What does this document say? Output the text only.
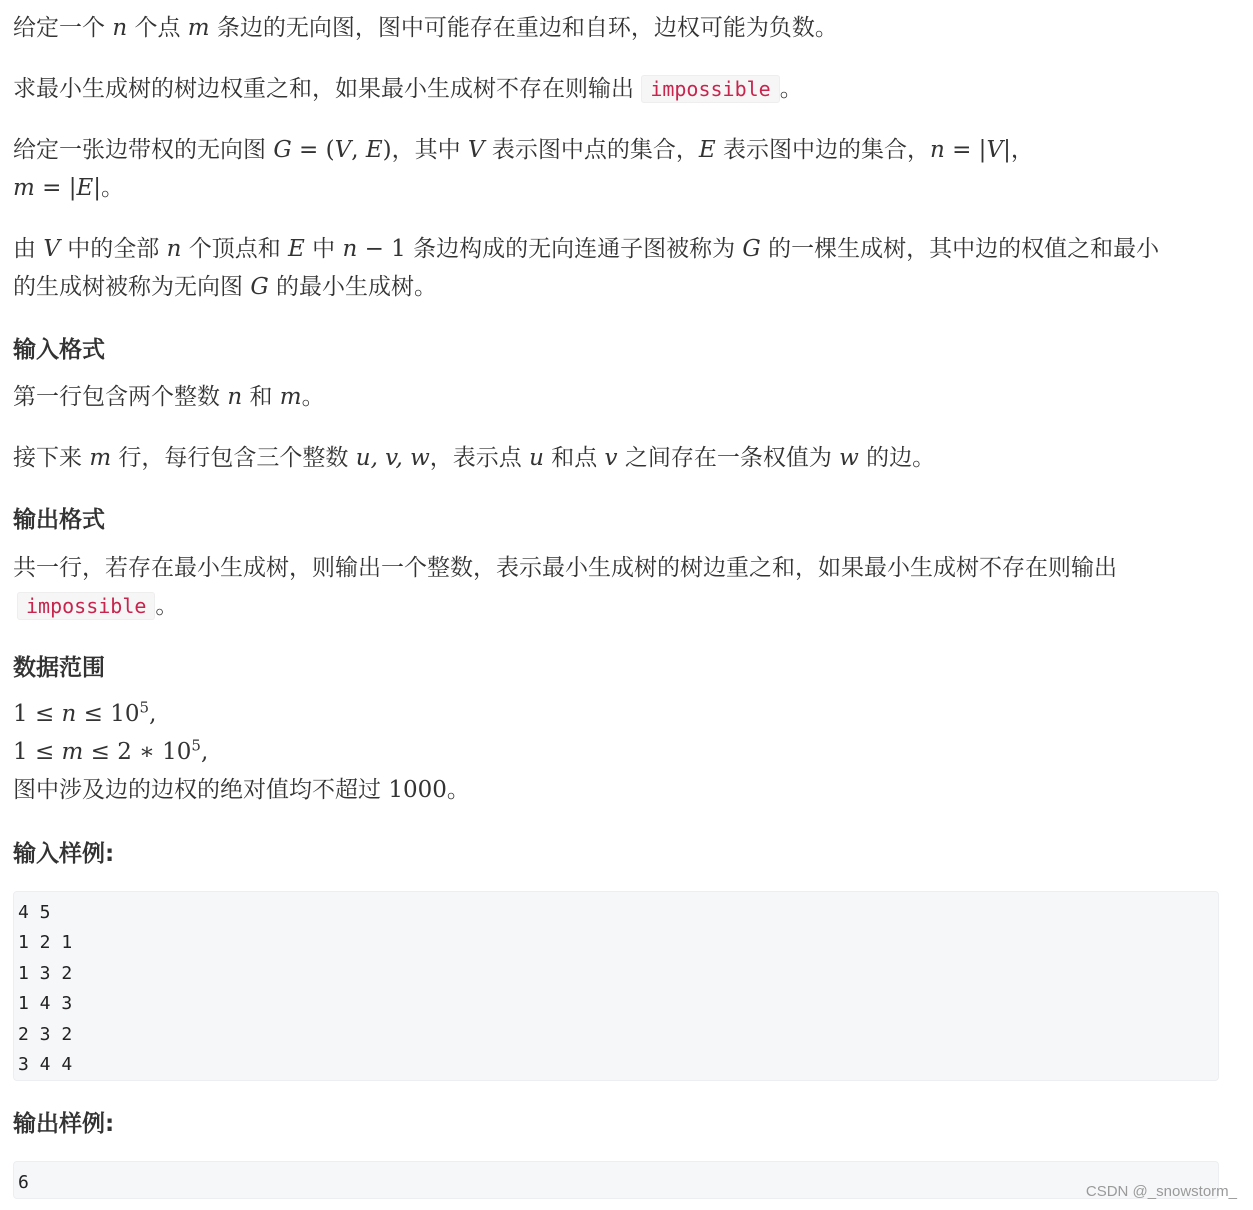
给定一个 n 个点 m 条边的无向图，图中可能存在重边和自环，边权可能为负数。

求最小生成树的树边权重之和，如果最小生成树不存在则输出 impossible 。

给定一张边带权的无向图 G = (V, E)，其中 V 表示图中点的集合，E 表示图中边的集合，n = |V|，

m = |E|。

由 V 中的全部 n 个顶点和 E 中 n − 1 条边构成的无向连通子图被称为 G 的一棵生成树，其中边的权值之和最小

的生成树被称为无向图 G 的最小生成树。

输入格式

第一行包含两个整数 n 和 m。

接下来 m 行，每行包含三个整数 u, v, w，表示点 u 和点 v 之间存在一条权值为 w 的边。

输出格式

共一行，若存在最小生成树，则输出一个整数，表示最小生成树的树边重之和，如果最小生成树不存在则输出

impossible 。

数据范围

$1 \le n \le 10^5$,

1 ≤ m ≤ 2 ∗ $10^5$,

图中涉及边的边权的绝对值均不超过 1000。

输入样例:
4 5
1 2 1
1 3 2
1 4 3
2 3 2
3 4 4
输出样例:
6	CSDN @_snowstorm_
